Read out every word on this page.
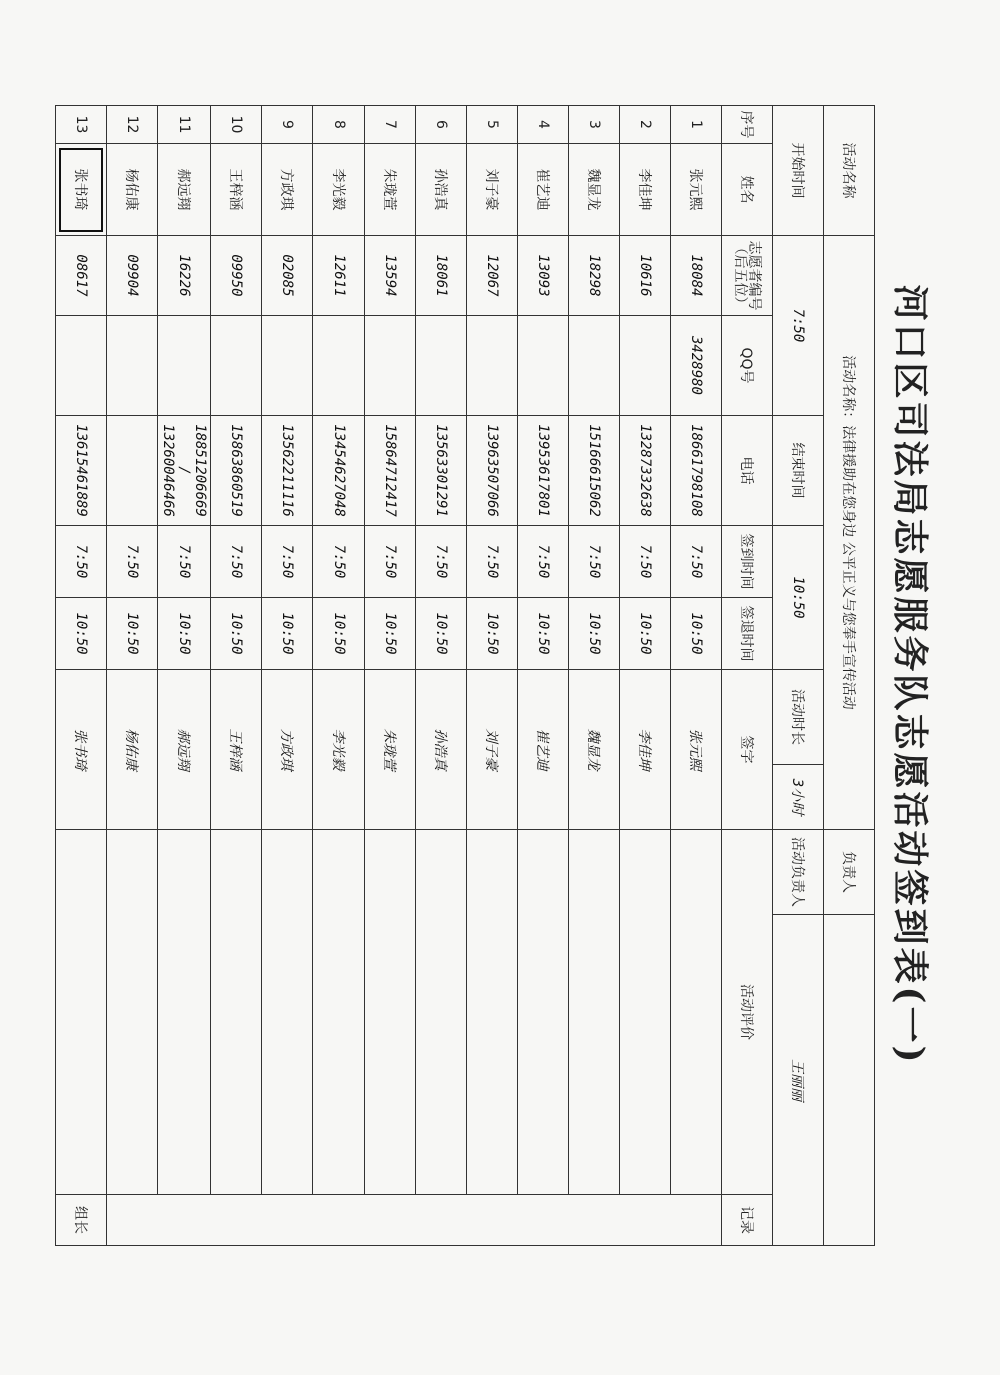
河口区司法局志愿服务队志愿活动签到表(一)
活动名称		活动名称：法律援助在您身边 公平正义与您奉手宣传活动							负责人		
开始时间		7:50		结束时间	10:50		活动时长	3小时	活动负责人	王丽丽	
序号	姓名	志愿者编号（后五位）	QQ号	电话	签到时间	签退时间	签字		活动评价		记录
1	张元熙	18084	3428980	18661798108	7:50	10:50	张元熙				
2	李佳坤	10616		13287332638	7:50	10:50	李佳坤				
3	魏显龙	18298		15166615062	7:50	10:50	魏显龙				
4	崔艺迪	13093		13953617801	7:50	10:50	崔艺迪				
5	刘子豪	12067		13963507066	7:50	10:50	刘子豪				
6	孙浩真	18061		13563301291	7:50	10:50	孙浩真				
7	朱珑萱	13594		15864712417	7:50	10:50	朱珑萱				
8	李光毅	12611		13454627048	7:50	10:50	李光毅				
9	方政琪	02085		13562211116	7:50	10:50	方政琪				
10	王梓涵	09950		15863860519	7:50	10:50	王梓涵				
11	郝远翔	16226		18851206669 / 13260046466	7:50	10:50	郝远翔				
12	杨佑康	09904			7:50	10:50	杨佑康				
13	张书琦	08617		13615461889	7:50	10:50	张书琦				组长
